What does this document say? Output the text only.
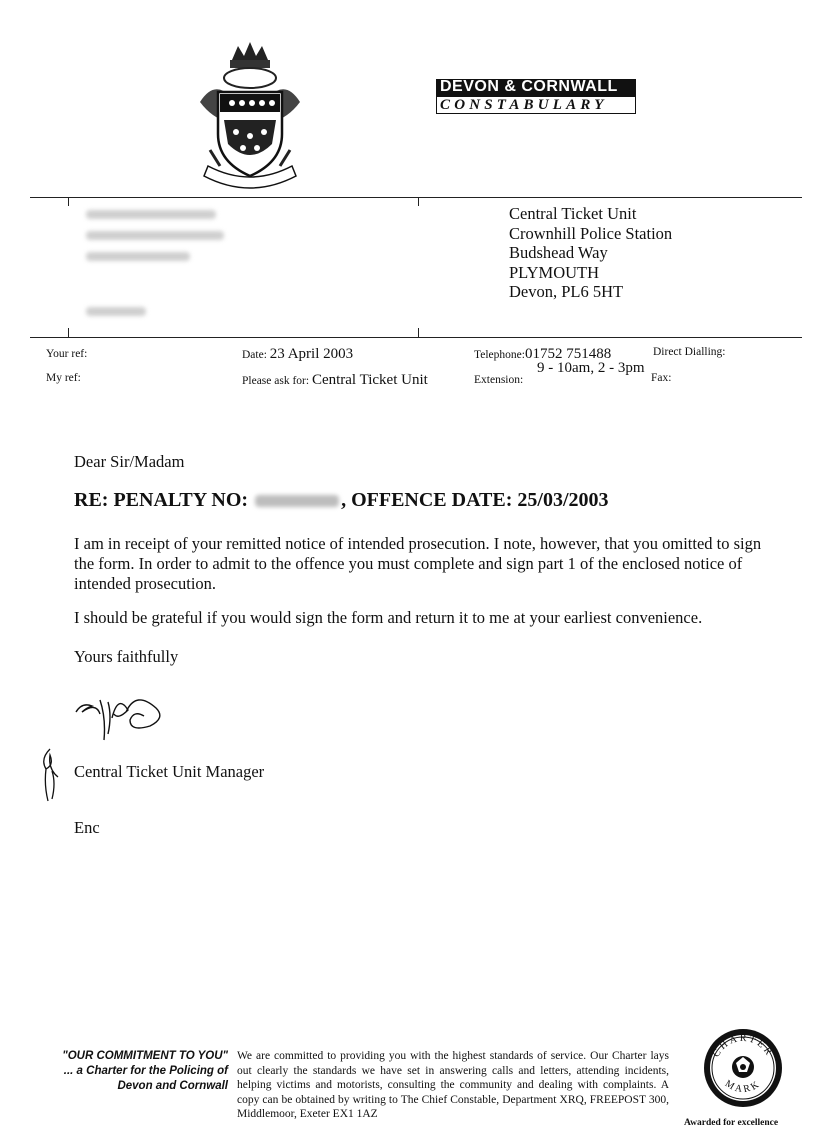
DEVON & CORNWALL
CONSTABULARY
Central Ticket Unit
Crownhill Police Station
Budshead Way
PLYMOUTH
Devon, PL6 5HT
Your ref:
My ref:
Date: 23 April 2003
Please ask for: Central Ticket Unit
Telephone:01752 751488
Extension:
9 - 10am, 2 - 3pm
Direct Dialling:
Fax:
Dear Sir/Madam
RE: PENALTY NO:	, OFFENCE DATE: 25/03/2003
I am in receipt of your remitted notice of intended prosecution. I note, however, that you omitted to sign the form. In order to admit to the offence you must complete and sign part 1 of the enclosed notice of intended prosecution.
I should be grateful if you would sign the form and return it to me at your earliest convenience.
Yours faithfully
Central Ticket Unit Manager
Enc
"OUR COMMITMENT TO YOU"
... a Charter for the Policing of
Devon and Cornwall
We are committed to providing you with the highest standards of service. Our Charter lays out clearly the standards we have set in answering calls and letters, attending incidents, helping victims and motorists, consulting the community and dealing with complaints. A copy can be obtained by writing to The Chief Constable, Department XRQ, FREEPOST 300, Middlemoor, Exeter EX1 1AZ
CHARTER
MARK
Awarded for excellence
